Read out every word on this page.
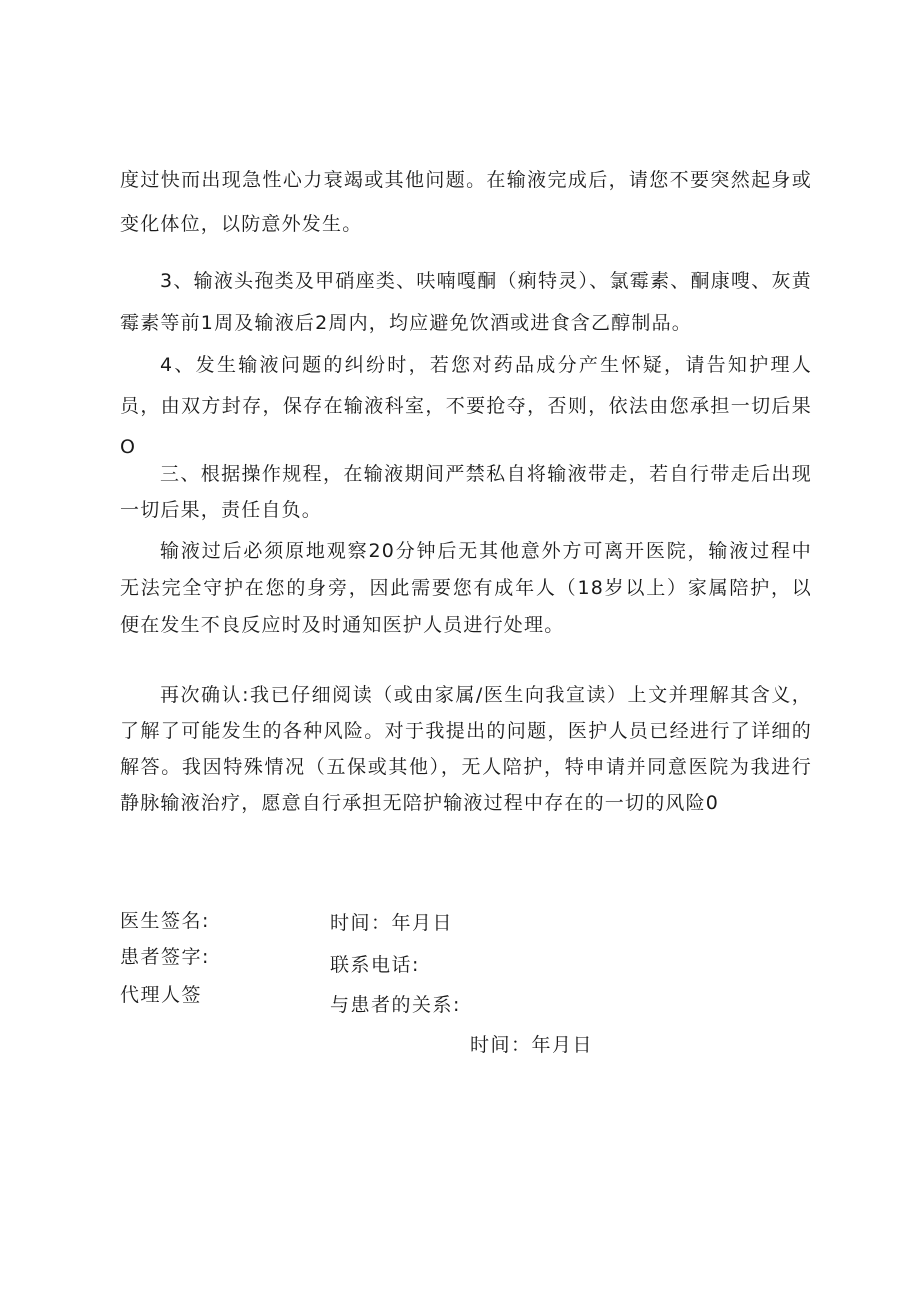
度过快而出现急性心力衰竭或其他问题。在输液完成后，请您不要突然起身或变化体位，以防意外发生。

3、输液头孢类及甲硝座类、呋喃嘎酮（痢特灵）、氯霉素、酮康嗖、灰黄霉素等前1周及输液后2周内，均应避免饮酒或进食含乙醇制品。

4、发生输液问题的纠纷时，若您对药品成分产生怀疑，请告知护理人员，由双方封存，保存在输液科室，不要抢夺，否则，依法由您承担一切后果O

三、根据操作规程，在输液期间严禁私自将输液带走，若自行带走后出现一切后果，责任自负。

输液过后必须原地观察20分钟后无其他意外方可离开医院，输液过程中无法完全守护在您的身旁，因此需要您有成年人（18岁以上）家属陪护，以便在发生不良反应时及时通知医护人员进行处理。

再次确认:我已仔细阅读（或由家属/医生向我宣读）上文并理解其含义，了解了可能发生的各种风险。对于我提出的问题，医护人员已经进行了详细的解答。我因特殊情况（五保或其他），无人陪护，特申请并同意医院为我进行静脉输液治疗，愿意自行承担无陪护输液过程中存在的一切的风险0

医生签名:	时间：年月日

患者签字:	联系电话:

代理人签	与患者的关系:

时间：年月日
